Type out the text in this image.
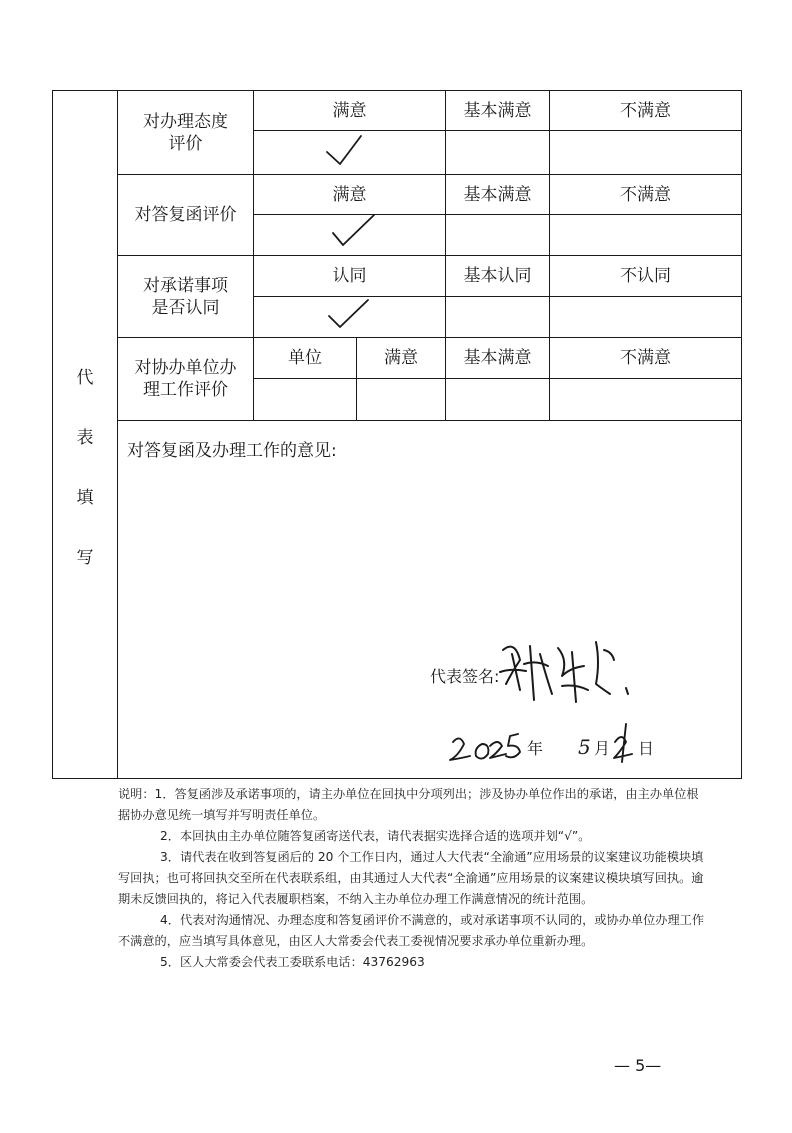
代
表
填
写
对办理态度
评价
满意	基本满意	不满意
对答复函评价
满意	基本满意	不满意
对承诺事项
是否认同
认同	基本认同	不认同
对协办单位办
理工作评价
单位	满意	基本满意	不满意
对答复函及办理工作的意见:
代表签名:
年 5 月 日

说明：1．答复函涉及承诺事项的，请主办单位在回执中分项列出；涉及协办单位作出的承诺，由主办单位根据协办意见统一填写并写明责任单位。

2．本回执由主办单位随答复函寄送代表，请代表据实选择合适的选项并划“√”。

3．请代表在收到答复函后的 20 个工作日内，通过人大代表“全渝通”应用场景的议案建议功能模块填写回执；也可将回执交至所在代表联系组，由其通过人大代表“全渝通”应用场景的议案建议模块填写回执。逾期未反馈回执的，将记入代表履职档案，不纳入主办单位办理工作满意情况的统计范围。

4．代表对沟通情况、办理态度和答复函评价不满意的，或对承诺事项不认同的，或协办单位办理工作不满意的，应当填写具体意见，由区人大常委会代表工委视情况要求承办单位重新办理。

5．区人大常委会代表工委联系电话：43762963

— 5—
